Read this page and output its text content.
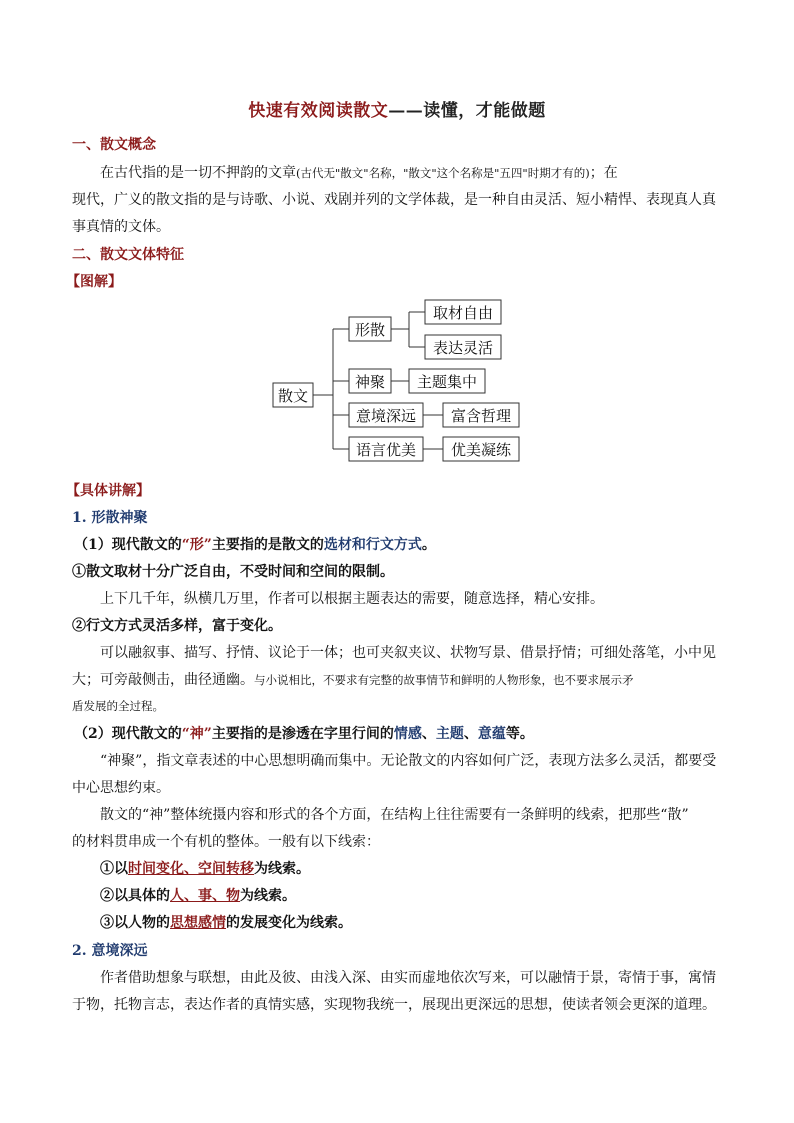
快速有效阅读散文——读懂，才能做题
一、散文概念
在古代指的是一切不押韵的文章(古代无"散文"名称，"散文"这个名称是"五四"时期才有的)；在
现代，广义的散文指的是与诗歌、小说、戏剧并列的文学体裁，是一种自由灵活、短小精悍、表现真人真
事真情的文体。
二、散文文体特征
【图解】
散文
形散
神聚
意境深远
语言优美
取材自由
表达灵活
主题集中
富含哲理
优美凝练
【具体讲解】
1. 形散神聚
（1）现代散文的“形”主要指的是散文的选材和行文方式。
①散文取材十分广泛自由，不受时间和空间的限制。
上下几千年，纵横几万里，作者可以根据主题表达的需要，随意选择，精心安排。
②行文方式灵活多样，富于变化。
可以融叙事、描写、抒情、议论于一体；也可夹叙夹议、状物写景、借景抒情；可细处落笔，小中见
大；可旁敲侧击，曲径通幽。与小说相比，不要求有完整的故事情节和鲜明的人物形象，也不要求展示矛
盾发展的全过程。
（2）现代散文的“神”主要指的是渗透在字里行间的情感、主题、意蕴等。
“神聚”，指文章表述的中心思想明确而集中。无论散文的内容如何广泛，表现方法多么灵活，都要受
中心思想约束。
散文的“神”整体统摄内容和形式的各个方面，在结构上往往需要有一条鲜明的线索，把那些“散”
的材料贯串成一个有机的整体。一般有以下线索：
①以时间变化、空间转移为线索。
②以具体的人、事、物为线索。
③以人物的思想感情的发展变化为线索。
2. 意境深远
作者借助想象与联想，由此及彼、由浅入深、由实而虚地依次写来，可以融情于景，寄情于事，寓情
于物，托物言志，表达作者的真情实感，实现物我统一，展现出更深远的思想，使读者领会更深的道理。
